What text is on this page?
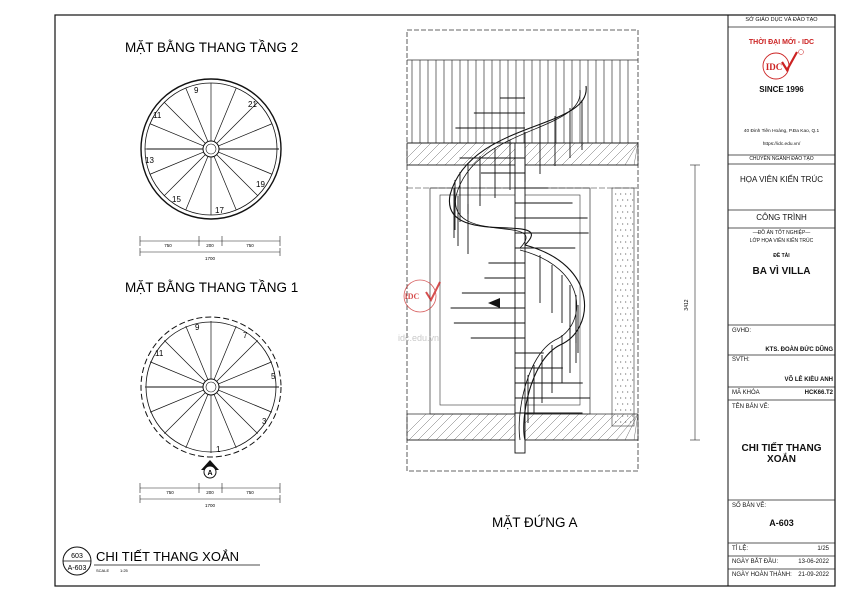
MẶT BẰNG THANG TẦNG 2
9
11
21
13
19
15
17
750	200	750
1700
MẶT BẰNG THANG TẦNG 1
9
7
11
5
3
1
A
750	200	750
1700
3412
MẶT ĐỨNG A
IDC
idc.edu.vn
603
A-603
CHI TIẾT THANG XOẮN
SCALE	1:25
IDC
SỞ GIÁO DỤC VÀ ĐÀO TẠO
THỜI ĐẠI MỚI - IDC
SINCE 1996
40 Đinh Tiên Hoàng, P.Đa Kao, Q.1
https://idc.edu.vn/
CHUYÊN NGÀNH ĐÀO TẠO
HỌA VIÊN KIẾN TRÚC
CÔNG TRÌNH
—ĐỒ ÁN TỐT NGHIỆP—
LỚP HỌA VIÊN KIẾN TRÚC
ĐỀ TÀI
BA VÌ VILLA
GVHD:
KTS. ĐOÀN ĐỨC DŨNG
SVTH:
VÕ LÊ KIỀU ANH
MÃ KHÓA	HCK66.T2
TÊN BẢN VẼ:
CHI TIẾT THANG XOẮN
SỐ BẢN VẼ:
A-603
TỈ LỆ:	1/25
NGÀY BẮT ĐẦU:	13-06-2022
NGÀY HOÀN THÀNH: 21-09-2022
